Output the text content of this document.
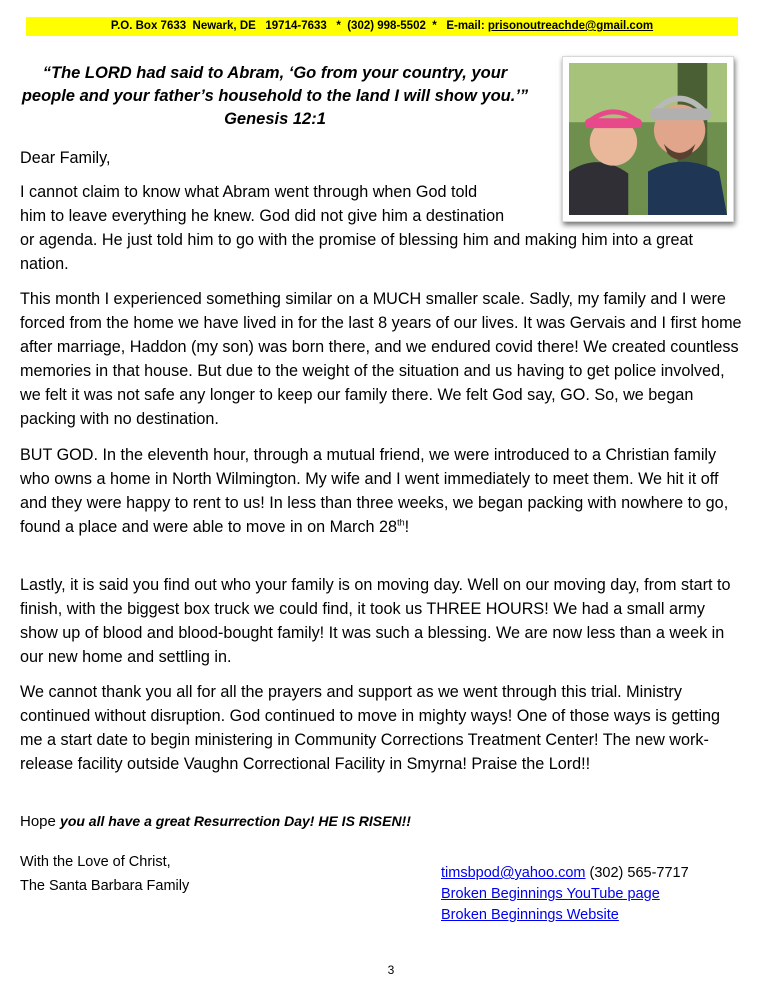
P.O. Box 7633  Newark, DE   19714-7633   *  (302) 998-5502  *   E-mail: prisonoutreachde@gmail.com
“The LORD had said to Abram, ‘Go from your country, your people and your father’s household to the land I will show you.’” Genesis 12:1
Dear Family,

I cannot claim to know what Abram went through when God told

him to leave everything he knew. God did not give him a destination

or agenda. He just told him to go with the promise of blessing him and making him into a great nation.
This month I experienced something similar on a MUCH smaller scale. Sadly, my family and I were forced from the home we have lived in for the last 8 years of our lives. It was Gervais and I first home after marriage, Haddon (my son) was born there, and we endured covid there! We created countless memories in that house. But due to the weight of the situation and us having to get police involved, we felt it was not safe any longer to keep our family there. We felt God say, GO. So, we began packing with no destination.
BUT GOD. In the eleventh hour, through a mutual friend, we were introduced to a Christian family who owns a home in North Wilmington. My wife and I went immediately to meet them. We hit it off and they were happy to rent to us! In less than three weeks, we began packing with nowhere to go, found a place and were able to move in on March 28th!
Lastly, it is said you find out who your family is on moving day. Well on our moving day, from start to finish, with the biggest box truck we could find, it took us THREE HOURS! We had a small army show up of blood and blood-bought family! It was such a blessing. We are now less than a week in our new home and settling in.
We cannot thank you all for all the prayers and support as we went through this trial. Ministry continued without disruption. God continued to move in mighty ways! One of those ways is getting me a start date to begin ministering in Community Corrections Treatment Center! The new work-release facility outside Vaughn Correctional Facility in Smyrna! Praise the Lord!!
Hope you all have a great Resurrection Day! HE IS RISEN!!
With the Love of Christ,
The Santa Barbara Family
timsbpod@yahoo.com (302) 565-7717
Broken Beginnings YouTube page
Broken Beginnings Website
3
